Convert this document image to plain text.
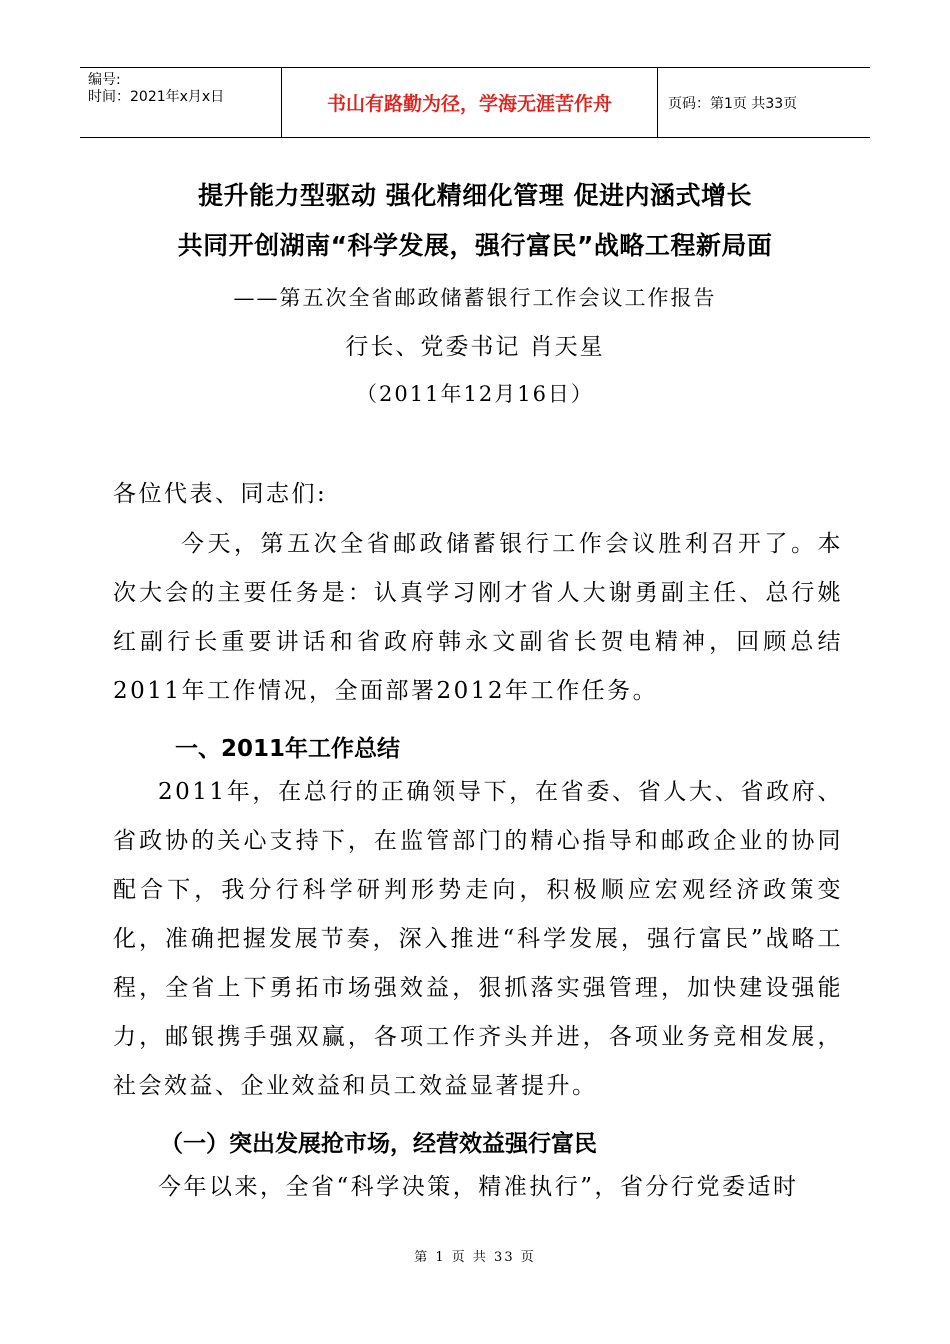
编号:
时间：2021年x月x日	书山有路勤为径，学海无涯苦作舟	页码：第1页 共33页
提升能力型驱动 强化精细化管理 促进内涵式增长
共同开创湖南“科学发展，强行富民”战略工程新局面
——第五次全省邮政储蓄银行工作会议工作报告
行长、党委书记 肖天星
（2011年12月16日）
各位代表、同志们:
今天，第五次全省邮政储蓄银行工作会议胜利召开了。本次大会的主要任务是：认真学习刚才省人大谢勇副主任、总行姚红副行长重要讲话和省政府韩永文副省长贺电精神，回顾总结2011年工作情况，全面部署2012年工作任务。
一、2011年工作总结
2011年，在总行的正确领导下，在省委、省人大、省政府、省政协的关心支持下，在监管部门的精心指导和邮政企业的协同配合下，我分行科学研判形势走向，积极顺应宏观经济政策变化，准确把握发展节奏，深入推进“科学发展，强行富民”战略工程，全省上下勇拓市场强效益，狠抓落实强管理，加快建设强能力，邮银携手强双赢，各项工作齐头并进，各项业务竞相发展，社会效益、企业效益和员工效益显著提升。
（一）突出发展抢市场，经营效益强行富民
今年以来，全省“科学决策，精准执行”，省分行党委适时
第 1 页 共 33 页
